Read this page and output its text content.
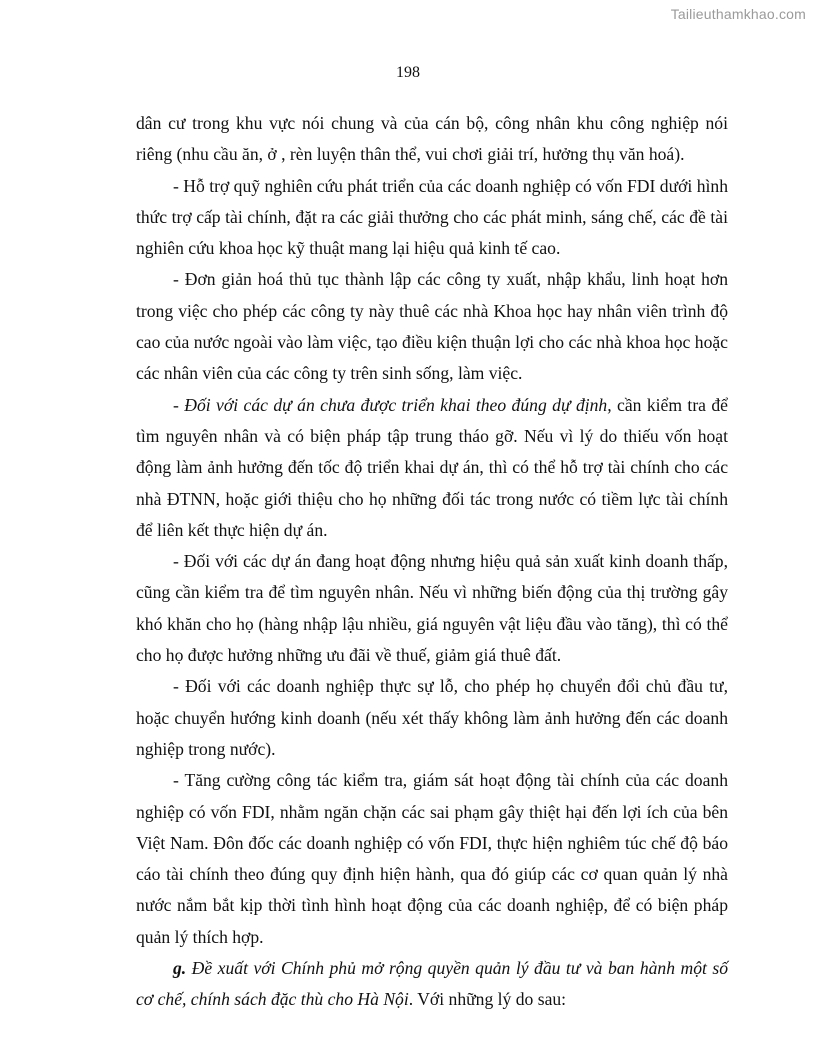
Tailieuthamkhao.com
198

dân cư trong khu vực nói chung và của cán bộ, công nhân khu công nghiệp nói riêng (nhu cầu ăn, ở , rèn luyện thân thể, vui chơi giải trí, hưởng thụ văn hoá).

- Hỗ trợ quỹ nghiên cứu phát triển của các doanh nghiệp có vốn FDI dưới hình thức trợ cấp tài chính, đặt ra các giải thưởng cho các phát minh, sáng chế, các đề tài nghiên cứu khoa học kỹ thuật mang lại hiệu quả kinh tế cao.

- Đơn giản hoá thủ tục thành lập các công ty xuất, nhập khẩu, linh hoạt hơn trong việc cho phép các công ty này thuê các nhà Khoa học hay nhân viên trình độ cao của nước ngoài vào làm việc, tạo điều kiện thuận lợi cho các nhà khoa học hoặc các nhân viên của các công ty trên sinh sống, làm việc.

- Đối với các dự án chưa được triển khai theo đúng dự định, cần kiểm tra để tìm nguyên nhân và có biện pháp tập trung tháo gỡ. Nếu vì lý do thiếu vốn hoạt động làm ảnh hưởng đến tốc độ triển khai dự án, thì có thể hỗ trợ tài chính cho các nhà ĐTNN, hoặc giới thiệu cho họ những đối tác trong nước có tiềm lực tài chính để liên kết thực hiện dự án.

- Đối với các dự án đang hoạt động nhưng hiệu quả sản xuất kinh doanh thấp, cũng cần kiểm tra để tìm nguyên nhân. Nếu vì những biến động của thị trường gây khó khăn cho họ (hàng nhập lậu nhiều, giá nguyên vật liệu đầu vào tăng), thì có thể cho họ được hưởng những ưu đãi về thuế, giảm giá thuê đất.

- Đối với các doanh nghiệp thực sự lỗ, cho phép họ chuyển đổi chủ đầu tư, hoặc chuyển hướng kinh doanh (nếu xét thấy không làm ảnh hưởng đến các doanh nghiệp trong nước).

- Tăng cường công tác kiểm tra, giám sát hoạt động tài chính của các doanh nghiệp có vốn FDI, nhằm ngăn chặn các sai phạm gây thiệt hại đến lợi ích của bên Việt Nam. Đôn đốc các doanh nghiệp có vốn FDI, thực hiện nghiêm túc chế độ báo cáo tài chính theo đúng quy định hiện hành, qua đó giúp các cơ quan quản lý nhà nước nắm bắt kịp thời tình hình hoạt động của các doanh nghiệp, để có biện pháp quản lý thích hợp.

g. Đề xuất với Chính phủ mở rộng quyền quản lý đầu tư và ban hành một số cơ chế, chính sách đặc thù cho Hà Nội. Với những lý do sau:
